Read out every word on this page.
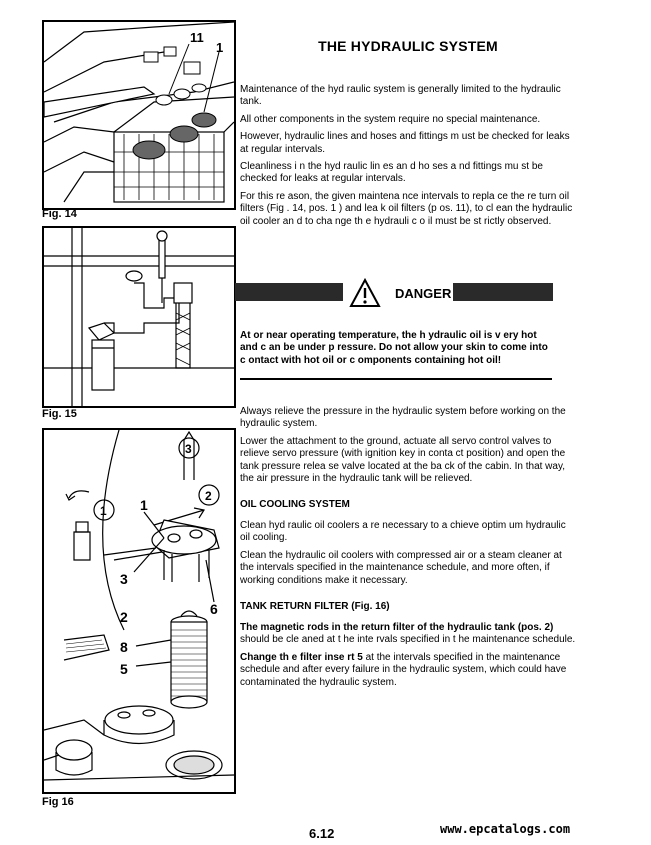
11
1
Fig. 14
Fig. 15
3
1
2
1
3
2	6
8
5
Fig 16
THE HYDRAULIC SYSTEM

Maintenance of the hyd raulic system is generally limited to the hydraulic tank.

All other components in the system require no special maintenance.

However, hydraulic lines and hoses and fittings m ust be checked for leaks at regular intervals.

Cleanliness i n the hyd raulic lin es an d ho ses a nd fittings mu st be checked for leaks at regular intervals.

For this re ason, the given maintena nce intervals to repla ce the re turn oil filters (Fig . 14, pos. 1 ) and lea k oil filters (p os. 11), to cl ean the hydraulic oil cooler an d to cha nge th e hydrauli c o il must be st rictly observed.

DANGER
At or near operating temperature, the h ydraulic oil is v ery hot and c an be under p ressure. Do not allow your skin to come into c ontact with hot oil or c omponents containing hot oil!

Always relieve the pressure in the hydraulic system before working on the hydraulic system.

Lower the attachment to the ground, actuate all servo control valves to relieve servo pressure (with ignition key in conta ct position) and open the tank pressure relea se valve located at the ba ck of the cabin. In that way, the air pressure in the hydraulic tank will be relieved.

OIL COOLING SYSTEM

Clean hyd raulic oil coolers a re necessary to a chieve optim um hydraulic oil cooling.

Clean the hydraulic oil coolers with compressed air or a steam cleaner at the intervals specified in the maintenance schedule, and more often, if working conditions make it necessary.

TANK RETURN FILTER (Fig. 16)

The magnetic rods in the return filter of the hydraulic tank (pos. 2) should be cle aned at t he inte rvals specified in t he maintenance schedule.

Change th e filter inse rt 5 at the intervals specified in the maintenance schedule and after every failure in the hydraulic system, which could have contaminated the hydraulic system.

6.12	www.epcatalogs.com
